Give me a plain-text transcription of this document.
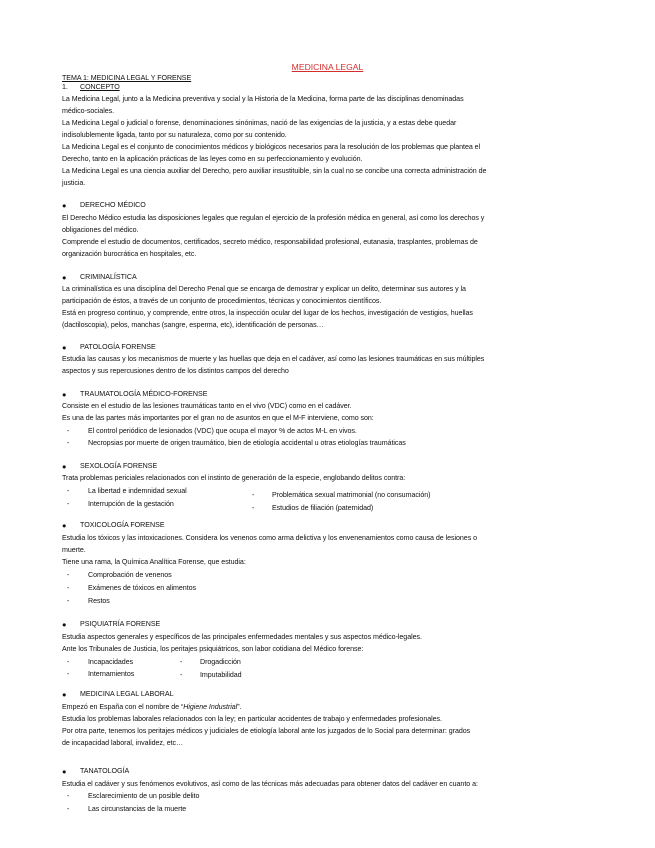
MEDICINA LEGAL
TEMA 1: MEDICINA LEGAL Y FORENSE
1. CONCEPTO
La Medicina Legal, junto a la Medicina preventiva y social y la Historia de la Medicina, forma parte de las disciplinas denominadas
médico-sociales.
La Medicina Legal o judicial o forense, denominaciones sinónimas, nació de las exigencias de la justicia, y a estas debe quedar
indisolublemente ligada, tanto por su naturaleza, como por su contenido.
La Medicina Legal es el conjunto de conocimientos médicos y biológicos necesarios para la resolución de los problemas que plantea el
Derecho, tanto en la aplicación prácticas de las leyes como en su perfeccionamiento y evolución.
La Medicina Legal es una ciencia auxiliar del Derecho, pero auxiliar insustituible, sin la cual no se concibe una correcta administración de
justicia.
● DERECHO MÉDICO
El Derecho Médico estudia las disposiciones legales que regulan el ejercicio de la profesión médica en general, así como los derechos y
obligaciones del médico.
Comprende el estudio de documentos, certificados, secreto médico, responsabilidad profesional, eutanasia, trasplantes, problemas de
organización burocrática en hospitales, etc.
● CRIMINALÍSTICA
La criminalística es una disciplina del Derecho Penal que se encarga de demostrar y explicar un delito, determinar sus autores y la
participación de éstos, a través de un conjunto de procedimientos, técnicas y conocimientos científicos.
Está en progreso continuo, y comprende, entre otros, la inspección ocular del lugar de los hechos, investigación de vestigios, huellas
(dactiloscopia), pelos, manchas (sangre, esperma, etc), identificación de personas…
● PATOLOGÍA FORENSE
Estudia las causas y los mecanismos de muerte y las huellas que deja en el cadáver, así como las lesiones traumáticas en sus múltiples
aspectos y sus repercusiones dentro de los distintos campos del derecho
● TRAUMATOLOGÍA MÉDICO-FORENSE
Consiste en el estudio de las lesiones traumáticas tanto en el vivo (VDC) como en el cadáver.
Es una de las partes más importantes por el gran no de asuntos en que el M-F interviene, como son:
-	El control periódico de lesionados (VDC) que ocupa el mayor % de actos M-L en vivos.
-	Necropsias por muerte de origen traumático, bien de etiología accidental u otras etiologías traumáticas
● SEXOLOGÍA FORENSE
Trata problemas periciales relacionados con el instinto de generación de la especie, englobando delitos contra:
-	La libertad e indemnidad sexual
-	Interrupción de la gestación
- Problemática sexual matrimonial (no consumación)
- Estudios de filiación (paternidad)
● TOXICOLOGÍA FORENSE
Estudia los tóxicos y las intoxicaciones. Considera los venenos como arma delictiva y los envenenamientos como causa de lesiones o
muerte.
Tiene una rama, la Química Analítica Forense, que estudia:
-	Comprobación de venenos
-	Exámenes de tóxicos en alimentos
-	Restos
● PSIQUIATRÍA FORENSE
Estudia aspectos generales y específicos de las principales enfermedades mentales y sus aspectos médico-legales.
Ante los Tribunales de Justicia, los peritajes psiquiátricos, son labor cotidiana del Médico forense:
-	Incapacidades
-	Internamientos
- Drogadicción
- Imputabilidad
● MEDICINA LEGAL LABORAL
Empezó en España con el nombre de “Higiene Industrial”.
Estudia los problemas laborales relacionados con la ley; en particular accidentes de trabajo y enfermedades profesionales.
Por otra parte, tenemos los peritajes médicos y judiciales de etiología laboral ante los juzgados de lo Social para determinar: grados
de incapacidad laboral, invalidez, etc…
● TANATOLOGÍA
Estudia el cadáver y sus fenómenos evolutivos, así como de las técnicas más adecuadas para obtener datos del cadáver en cuanto a:
-	Esclarecimiento de un posible delito
-	Las circunstancias de la muerte
